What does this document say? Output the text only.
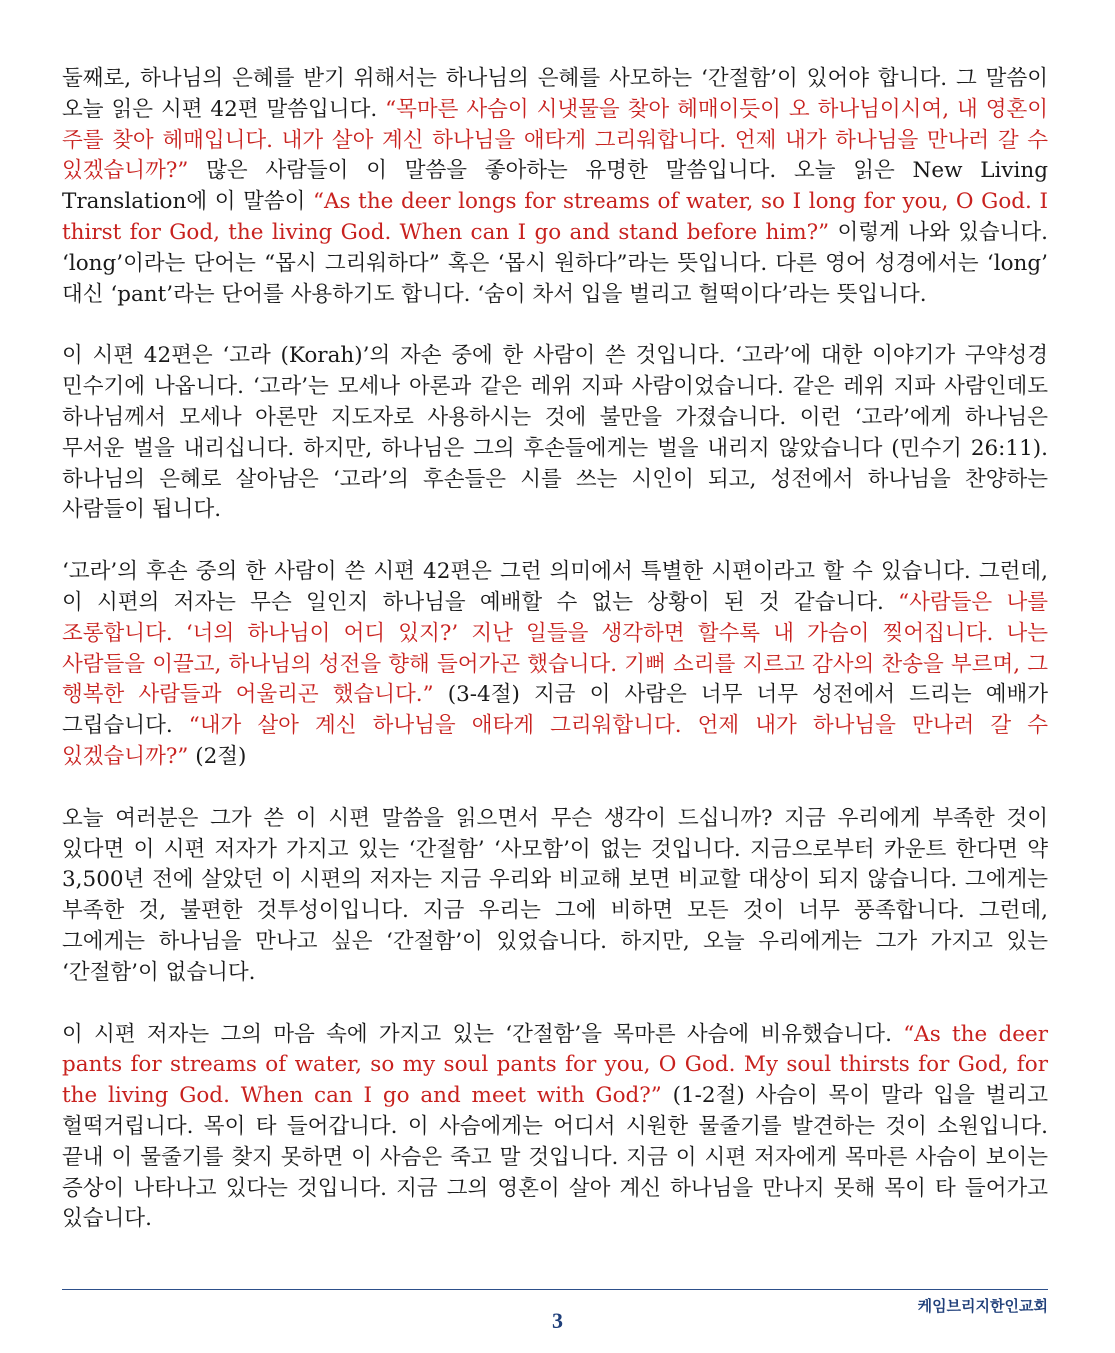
둘째로, 하나님의 은혜를 받기 위해서는 하나님의 은혜를 사모하는 ‘간절함’이 있어야 합니다. 그 말씀이 오늘 읽은 시편 42편 말씀입니다. “목마른 사슴이 시냇물을 찾아 헤매이듯이 오 하나님이시여, 내 영혼이 주를 찾아 헤매입니다. 내가 살아 계신 하나님을 애타게 그리워합니다. 언제 내가 하나님을 만나러 갈 수 있겠습니까?” 많은 사람들이 이 말씀을 좋아하는 유명한 말씀입니다. 오늘 읽은 New Living Translation에 이 말씀이 “As the deer longs for streams of water, so I long for you, O God. I thirst for God, the living God. When can I go and stand before him?” 이렇게 나와 있습니다. ‘long’이라는 단어는 “몹시 그리워하다” 혹은 ‘몹시 원하다”라는 뜻입니다. 다른 영어 성경에서는 ‘long’ 대신 ‘pant’라는 단어를 사용하기도 합니다. ‘숨이 차서 입을 벌리고 헐떡이다’라는 뜻입니다.

이 시편 42편은 ‘고라 (Korah)’의 자손 중에 한 사람이 쓴 것입니다. ‘고라’에 대한 이야기가 구약성경 민수기에 나옵니다. ‘고라’는 모세나 아론과 같은 레위 지파 사람이었습니다. 같은 레위 지파 사람인데도 하나님께서 모세나 아론만 지도자로 사용하시는 것에 불만을 가졌습니다. 이런 ‘고라’에게 하나님은 무서운 벌을 내리십니다. 하지만, 하나님은 그의 후손들에게는 벌을 내리지 않았습니다 (민수기 26:11). 하나님의 은혜로 살아남은 ‘고라’의 후손들은 시를 쓰는 시인이 되고, 성전에서 하나님을 찬양하는 사람들이 됩니다.

‘고라’의 후손 중의 한 사람이 쓴 시편 42편은 그런 의미에서 특별한 시편이라고 할 수 있습니다. 그런데, 이 시편의 저자는 무슨 일인지 하나님을 예배할 수 없는 상황이 된 것 같습니다. “사람들은 나를 조롱합니다. ‘너의 하나님이 어디 있지?’ 지난 일들을 생각하면 할수록 내 가슴이 찢어집니다. 나는 사람들을 이끌고, 하나님의 성전을 향해 들어가곤 했습니다. 기뻐 소리를 지르고 감사의 찬송을 부르며, 그 행복한 사람들과 어울리곤 했습니다.” (3-4절) 지금 이 사람은 너무 너무 성전에서 드리는 예배가 그립습니다. “내가 살아 계신 하나님을 애타게 그리워합니다. 언제 내가 하나님을 만나러 갈 수 있겠습니까?” (2절)

오늘 여러분은 그가 쓴 이 시편 말씀을 읽으면서 무슨 생각이 드십니까? 지금 우리에게 부족한 것이 있다면 이 시편 저자가 가지고 있는 ‘간절함’ ‘사모함’이 없는 것입니다. 지금으로부터 카운트 한다면 약 3,500년 전에 살았던 이 시편의 저자는 지금 우리와 비교해 보면 비교할 대상이 되지 않습니다. 그에게는 부족한 것, 불편한 것투성이입니다. 지금 우리는 그에 비하면 모든 것이 너무 풍족합니다. 그런데, 그에게는 하나님을 만나고 싶은 ‘간절함’이 있었습니다. 하지만, 오늘 우리에게는 그가 가지고 있는 ‘간절함’이 없습니다.

이 시편 저자는 그의 마음 속에 가지고 있는 ‘간절함’을 목마른 사슴에 비유했습니다. “As the deer pants for streams of water, so my soul pants for you, O God. My soul thirsts for God, for the living God. When can I go and meet with God?” (1-2절) 사슴이 목이 말라 입을 벌리고 헐떡거립니다. 목이 타 들어갑니다. 이 사슴에게는 어디서 시원한 물줄기를 발견하는 것이 소원입니다. 끝내 이 물줄기를 찾지 못하면 이 사슴은 죽고 말 것입니다. 지금 이 시편 저자에게 목마른 사슴이 보이는 증상이 나타나고 있다는 것입니다. 지금 그의 영혼이 살아 계신 하나님을 만나지 못해 목이 타 들어가고 있습니다.

케임브리지한인교회
3
